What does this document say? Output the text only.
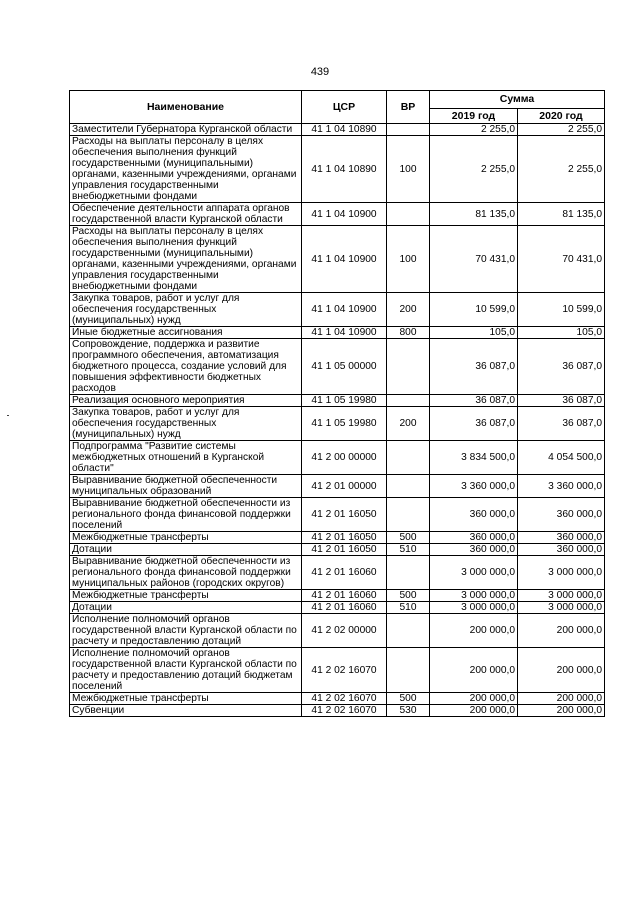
439
Наименование	ЦСР	ВР	Сумма	
			2019 год	2020 год
Заместители Губернатора Курганской области	41 1 04 10890		2 255,0	2 255,0
Расходы на выплаты персоналу в целях обеспечения выполнения функций государственными (муниципальными) органами, казенными учреждениями, органами управления государственными внебюджетными фондами	41 1 04 10890	100	2 255,0	2 255,0
Обеспечение деятельности аппарата органов государственной власти Курганской области	41 1 04 10900		81 135,0	81 135,0
Расходы на выплаты персоналу в целях обеспечения выполнения функций государственными (муниципальными) органами, казенными учреждениями, органами управления государственными внебюджетными фондами	41 1 04 10900	100	70 431,0	70 431,0
Закупка товаров, работ и услуг для обеспечения государственных (муниципальных) нужд	41 1 04 10900	200	10 599,0	10 599,0
Иные бюджетные ассигнования	41 1 04 10900	800	105,0	105,0
Сопровождение, поддержка и развитие программного обеспечения, автоматизация бюджетного процесса, создание условий для повышения эффективности бюджетных расходов	41 1 05 00000		36 087,0	36 087,0
Реализация основного мероприятия	41 1 05 19980		36 087,0	36 087,0
Закупка товаров, работ и услуг для обеспечения государственных (муниципальных) нужд	41 1 05 19980	200	36 087,0	36 087,0
Подпрограмма "Развитие системы межбюджетных отношений в Курганской области"	41 2 00 00000		3 834 500,0	4 054 500,0
Выравнивание бюджетной обеспеченности муниципальных образований	41 2 01 00000		3 360 000,0	3 360 000,0
Выравнивание бюджетной обеспеченности из регионального фонда финансовой поддержки поселений	41 2 01 16050		360 000,0	360 000,0
Межбюджетные трансферты	41 2 01 16050	500	360 000,0	360 000,0
Дотации	41 2 01 16050	510	360 000,0	360 000,0
Выравнивание бюджетной обеспеченности из регионального фонда финансовой поддержки муниципальных районов (городских округов)	41 2 01 16060		3 000 000,0	3 000 000,0
Межбюджетные трансферты	41 2 01 16060	500	3 000 000,0	3 000 000,0
Дотации	41 2 01 16060	510	3 000 000,0	3 000 000,0
Исполнение полномочий органов государственной власти Курганской области по расчету и предоставлению дотаций	41 2 02 00000		200 000,0	200 000,0
Исполнение полномочий органов государственной власти Курганской области по расчету и предоставлению дотаций бюджетам поселений	41 2 02 16070		200 000,0	200 000,0
Межбюджетные трансферты	41 2 02 16070	500	200 000,0	200 000,0
Субвенции	41 2 02 16070	530	200 000,0	200 000,0
